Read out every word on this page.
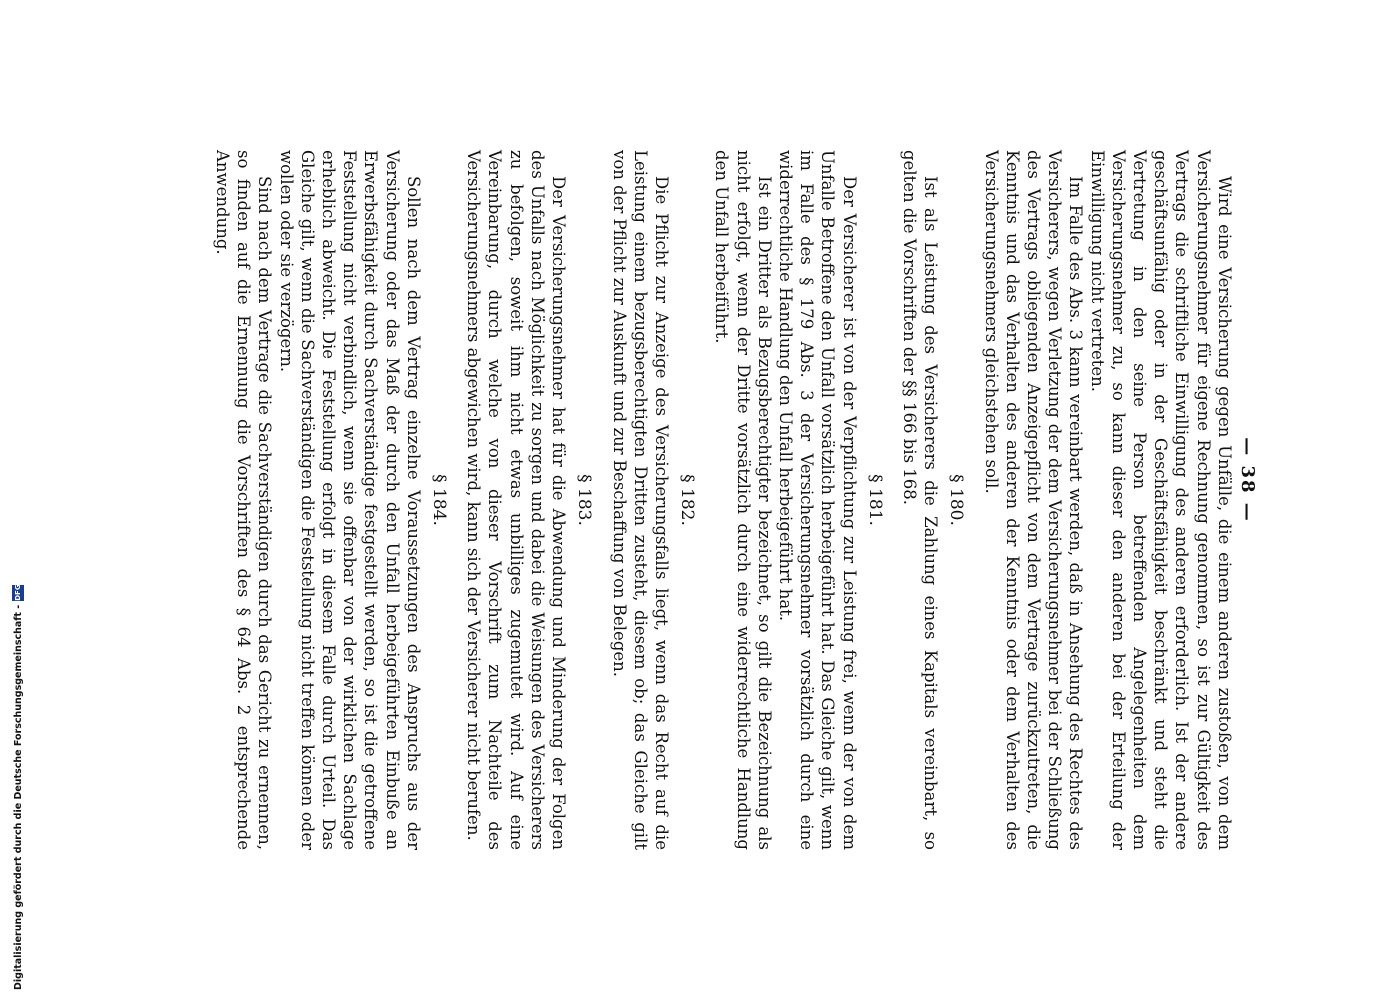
— 38 —

Wird eine Versicherung gegen Unfälle, die einem anderen zustoßen, von dem Versicherungsnehmer für eigene Rechnung genommen, so ist zur Gültigkeit des Vertrags die schriftliche Einwilligung des anderen erforderlich. Ist der andere geschäftsunfähig oder in der Geschäftsfähigkeit beschränkt und steht die Vertretung in den seine Person betreffenden Angelegenheiten dem Versicherungsnehmer zu, so kann dieser den anderen bei der Erteilung der Einwilligung nicht vertreten.

Im Falle des Abs. 3 kann vereinbart werden, daß in Ansehung des Rechtes des Versicherers, wegen Verletzung der dem Versicherungsnehmer bei der Schließung des Vertrags obliegenden Anzeigepflicht von dem Vertrage zurückzutreten, die Kenntnis und das Verhalten des anderen der Kenntnis oder dem Verhalten des Versicherungsnehmers gleichstehen soll.

§ 180.

Ist als Leistung des Versicherers die Zahlung eines Kapitals vereinbart, so gelten die Vorschriften der §§ 166 bis 168.

§ 181.

Der Versicherer ist von der Verpflichtung zur Leistung frei, wenn der von dem Unfalle Betroffene den Unfall vorsätzlich herbeigeführt hat. Das Gleiche gilt, wenn im Falle des § 179 Abs. 3 der Versicherungsnehmer vorsätzlich durch eine widerrechtliche Handlung den Unfall herbeigeführt hat.

Ist ein Dritter als Bezugsberechtigter bezeichnet, so gilt die Bezeichnung als nicht erfolgt, wenn der Dritte vorsätzlich durch eine widerrechtliche Handlung den Unfall herbeiführt.

§ 182.

Die Pflicht zur Anzeige des Versicherungsfalls liegt, wenn das Recht auf die Leistung einem bezugsberechtigten Dritten zusteht, diesem ob; das Gleiche gilt von der Pflicht zur Auskunft und zur Beschaffung von Belegen.

§ 183.

Der Versicherungsnehmer hat für die Abwendung und Minderung der Folgen des Unfalls nach Möglichkeit zu sorgen und dabei die Weisungen des Versicherers zu befolgen, soweit ihm nicht etwas unbilliges zugemutet wird. Auf eine Vereinbarung, durch welche von dieser Vorschrift zum Nachteile des Versicherungsnehmers abgewichen wird, kann sich der Versicherer nicht berufen.

§ 184.

Sollen nach dem Vertrag einzelne Voraussetzungen des Anspruchs aus der Versicherung oder das Maß der durch den Unfall herbeigeführten Einbuße an Erwerbsfähigkeit durch Sachverständige festgestellt werden, so ist die getroffene Feststellung nicht verbindlich, wenn sie offenbar von der wirklichen Sachlage erheblich abweicht. Die Feststellung erfolgt in diesem Falle durch Urteil. Das Gleiche gilt, wenn die Sachverständigen die Feststellung nicht treffen können oder wollen oder sie verzögern.

Sind nach dem Vertrage die Sachverständigen durch das Gericht zu ernennen, so finden auf die Ernennung die Vorschriften des § 64 Abs. 2 entsprechende Anwendung.

Digitalisierung gefördert durch die Deutsche Forschungsgemeinschaft -
DFG
